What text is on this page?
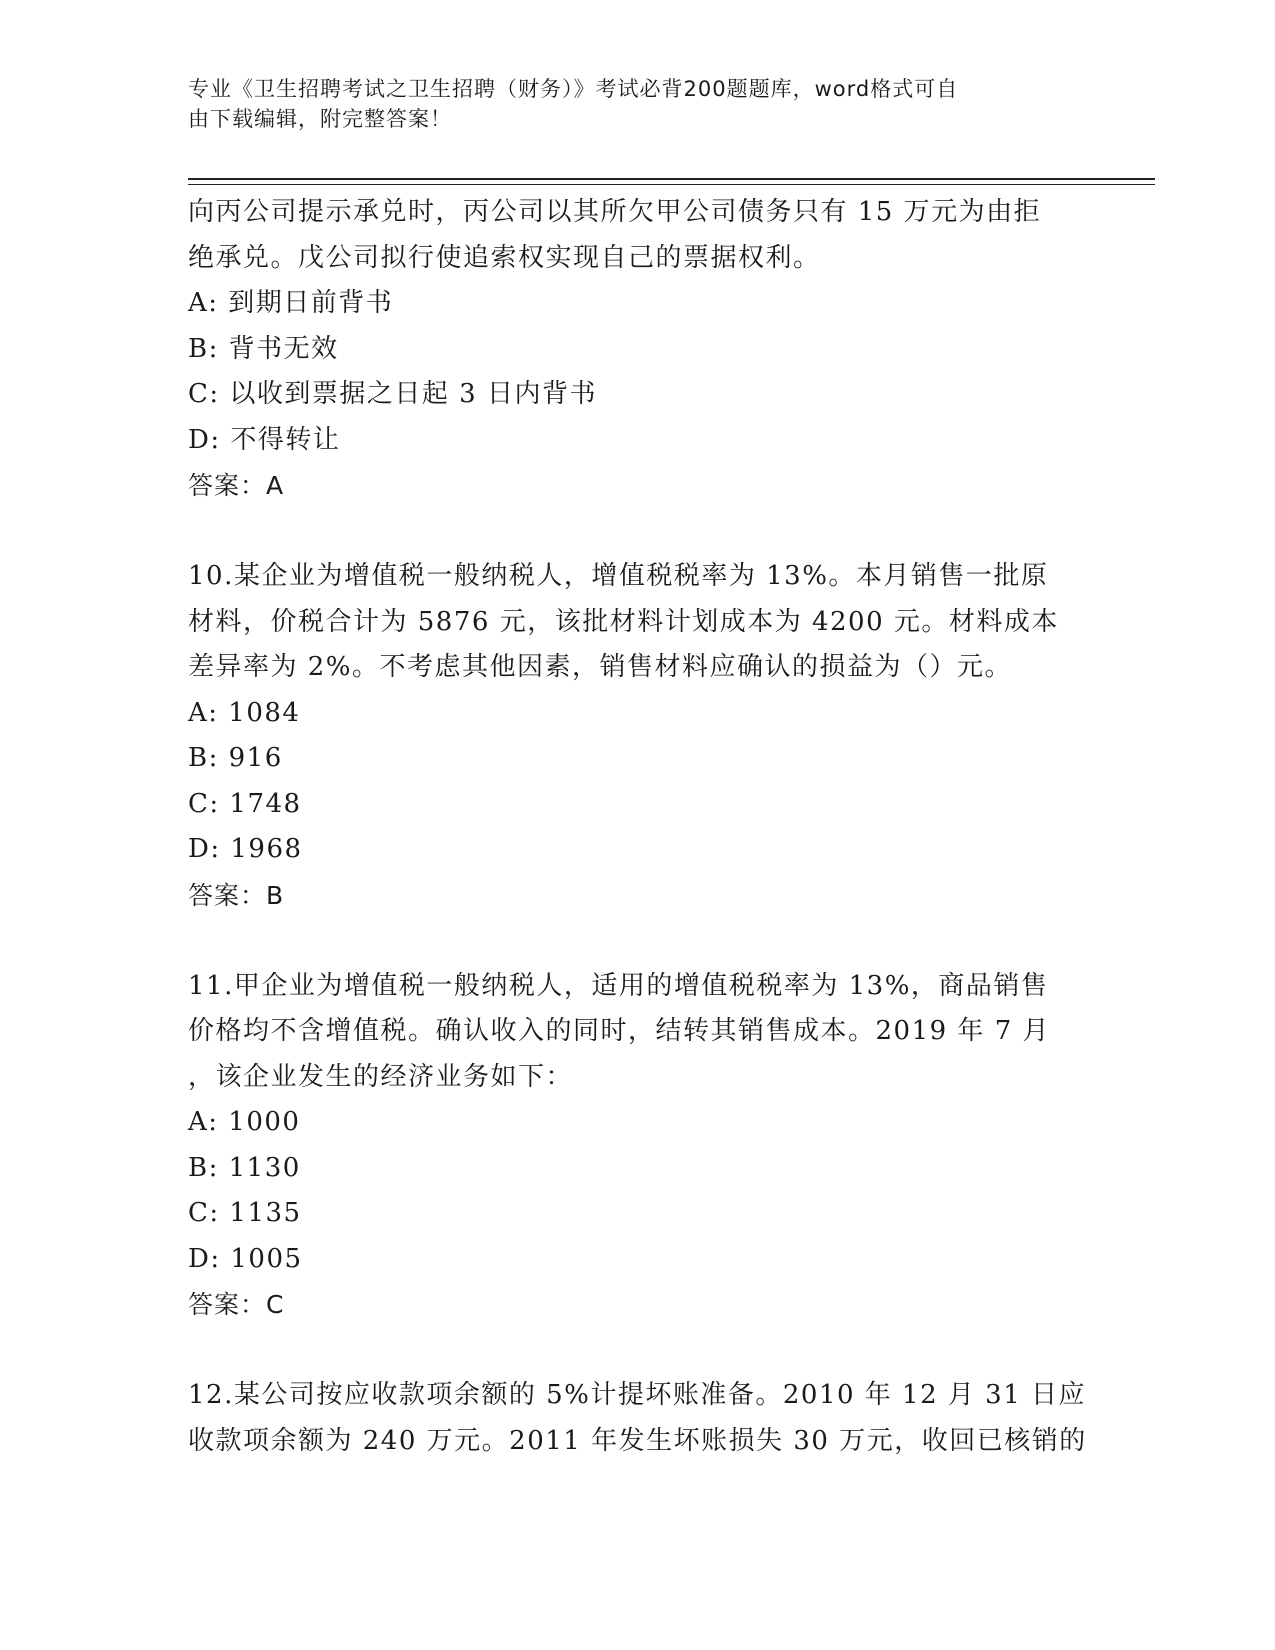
专业《卫生招聘考试之卫生招聘（财务）》考试必背200题题库，word格式可自
由下载编辑，附完整答案！
向丙公司提示承兑时，丙公司以其所欠甲公司债务只有 15 万元为由拒
绝承兑。戊公司拟行使追索权实现自己的票据权利。
A: 到期日前背书
B: 背书无效
C: 以收到票据之日起 3 日内背书
D: 不得转让
答案：A
10.某企业为增值税一般纳税人，增值税税率为 13%。本月销售一批原
材料，价税合计为 5876 元，该批材料计划成本为 4200 元。材料成本
差异率为 2%。不考虑其他因素，销售材料应确认的损益为（）元。
A: 1084
B: 916
C: 1748
D: 1968
答案：B
11.甲企业为增值税一般纳税人，适用的增值税税率为 13%，商品销售
价格均不含增值税。确认收入的同时，结转其销售成本。2019 年 7 月
，该企业发生的经济业务如下：
A: 1000
B: 1130
C: 1135
D: 1005
答案：C
12.某公司按应收款项余额的 5%计提坏账准备。2010 年 12 月 31 日应
收款项余额为 240 万元。2011 年发生坏账损失 30 万元，收回已核销的
